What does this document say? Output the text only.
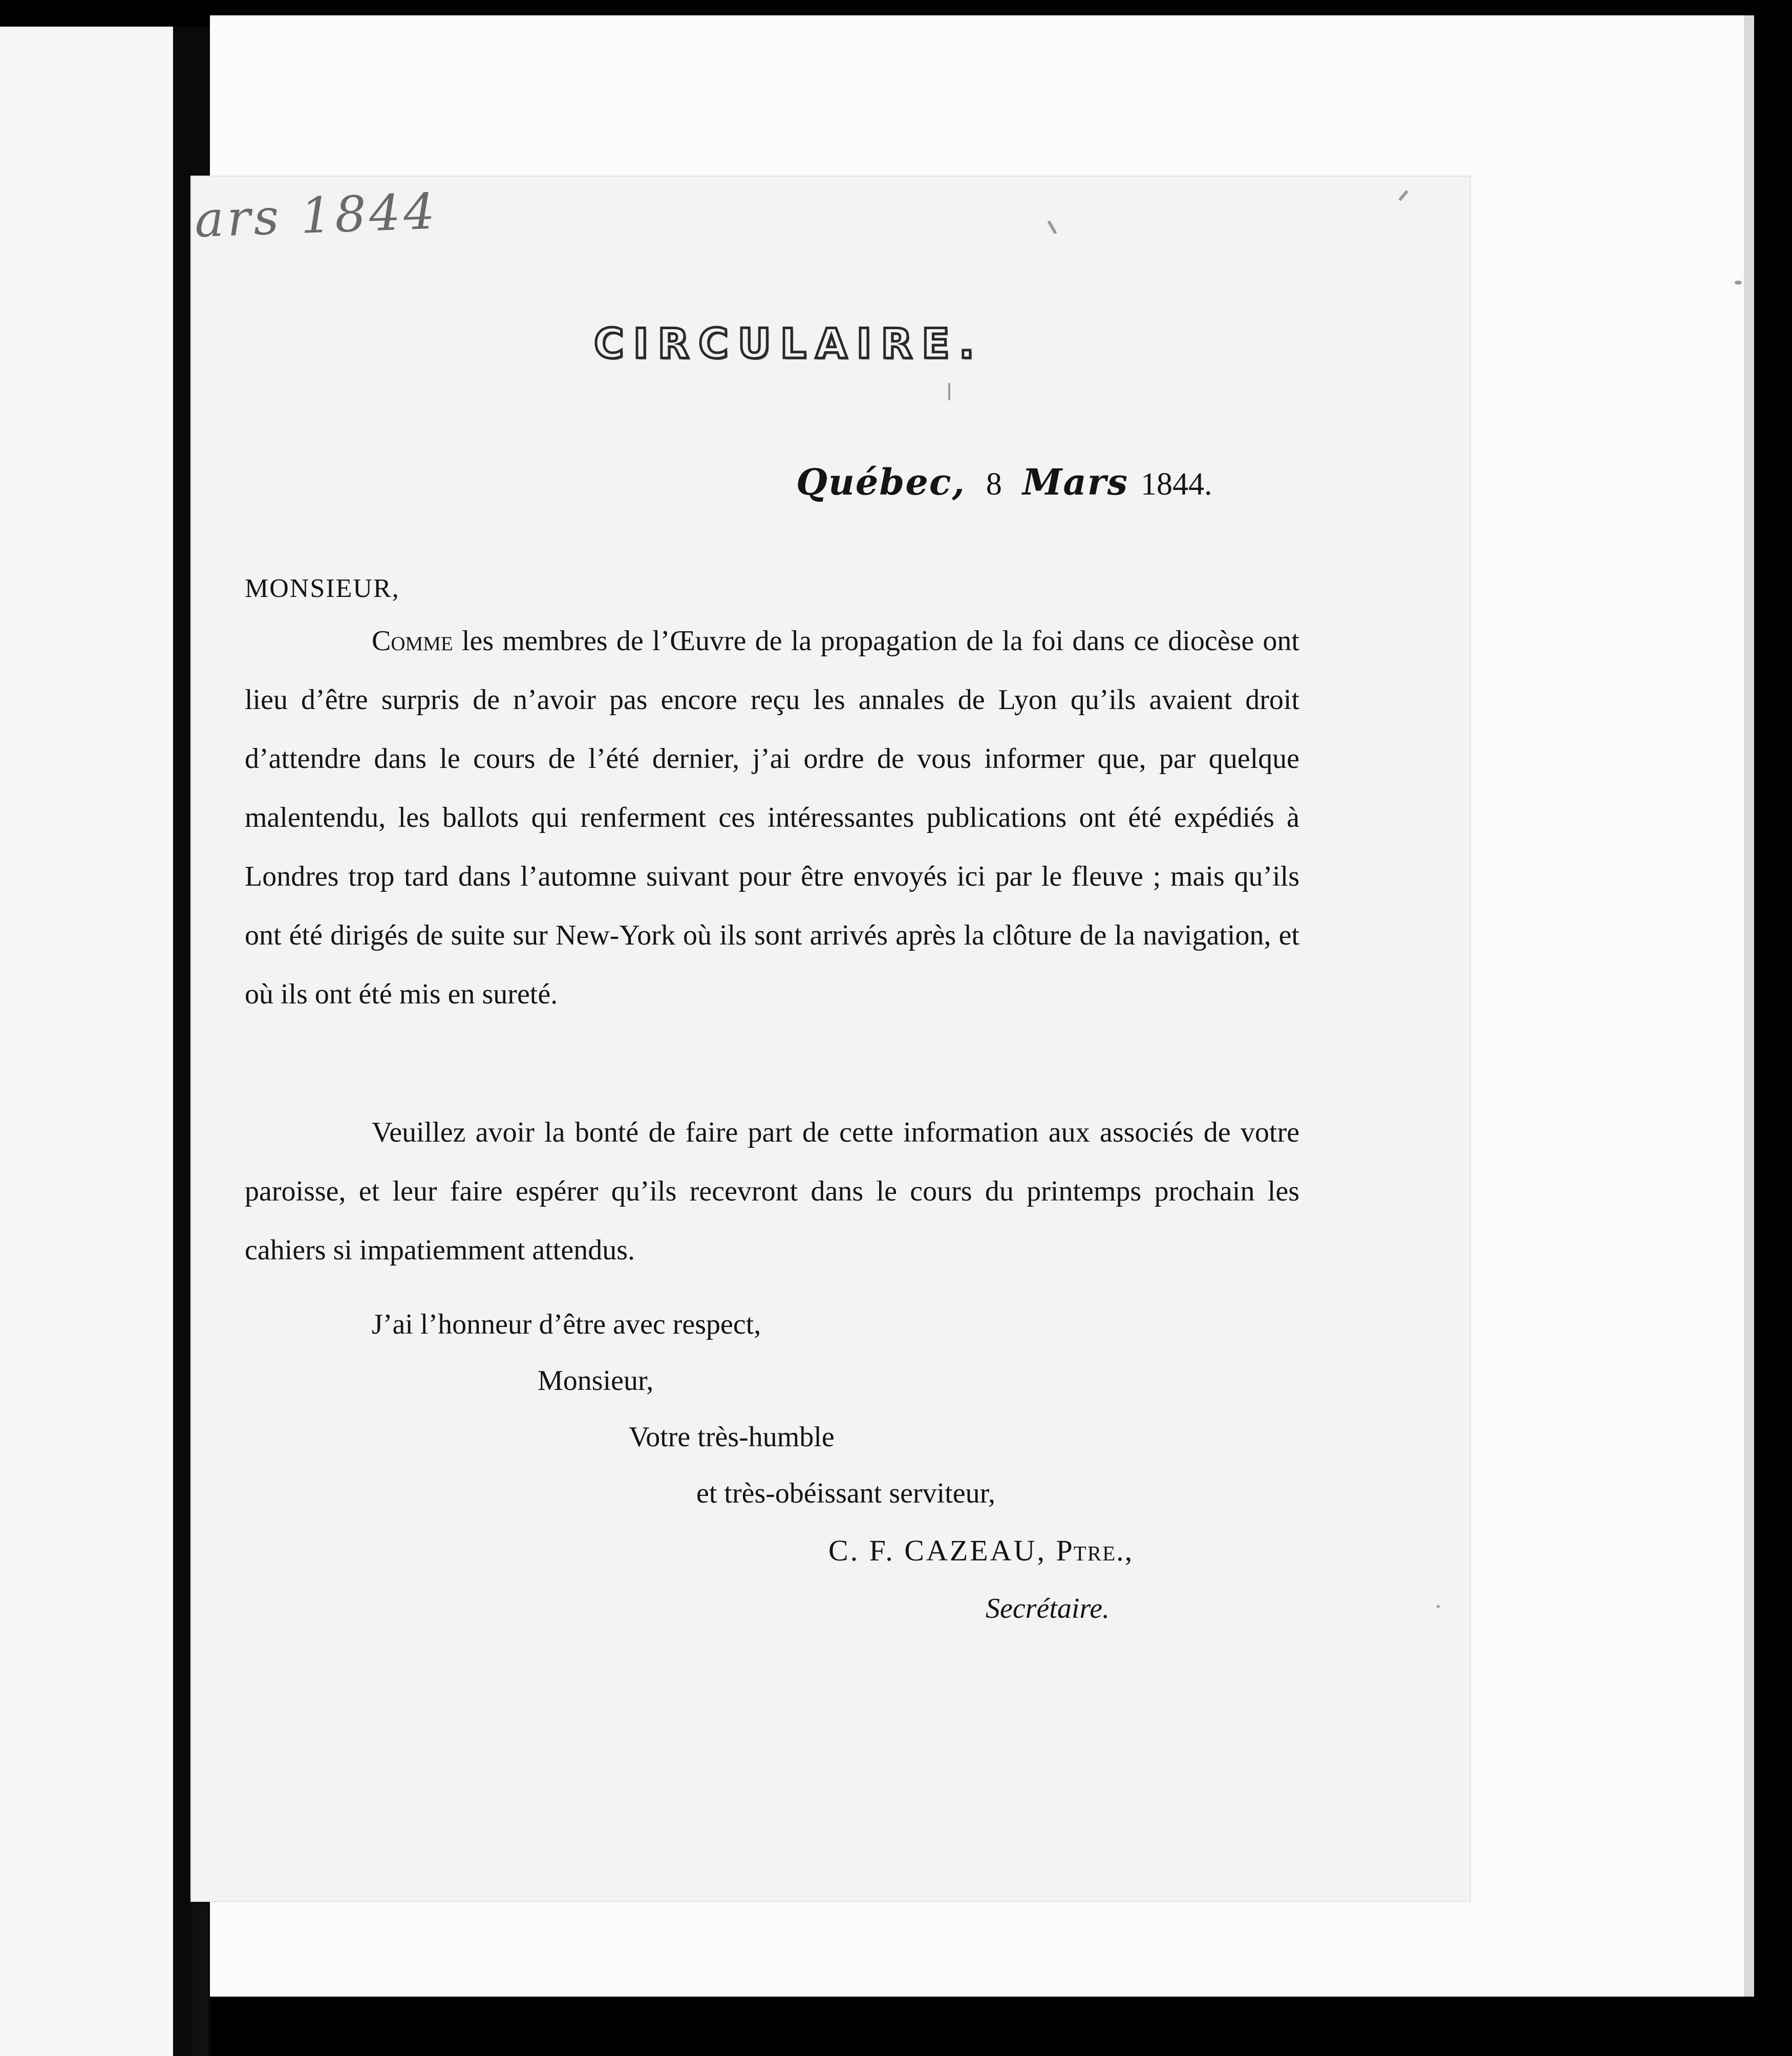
ars 1844
CIRCULAIRE.
Québec, 8 Mars 1844.
MONSIEUR,
Comme les membres de l’Œuvre de la propagation de la foi dans ce diocèse ont lieu d’être surpris de n’avoir pas encore reçu les annales de Lyon qu’ils avaient droit d’attendre dans le cours de l’été dernier, j’ai ordre de vous informer que, par quelque malentendu, les ballots qui renferment ces intéressantes publications ont été expédiés à Londres trop tard dans l’automne suivant pour être envoyés ici par le fleuve ; mais qu’ils ont été dirigés de suite sur New-York où ils sont arrivés après la clôture de la navigation, et où ils ont été mis en sureté.
Veuillez avoir la bonté de faire part de cette information aux associés de votre paroisse, et leur faire espérer qu’ils recevront dans le cours du printemps prochain les cahiers si impatiemment attendus.
J’ai l’honneur d’être avec respect,
Monsieur,
Votre très-humble
et très-obéissant serviteur,
C. F. CAZEAU, Ptre.,
Secrétaire.
